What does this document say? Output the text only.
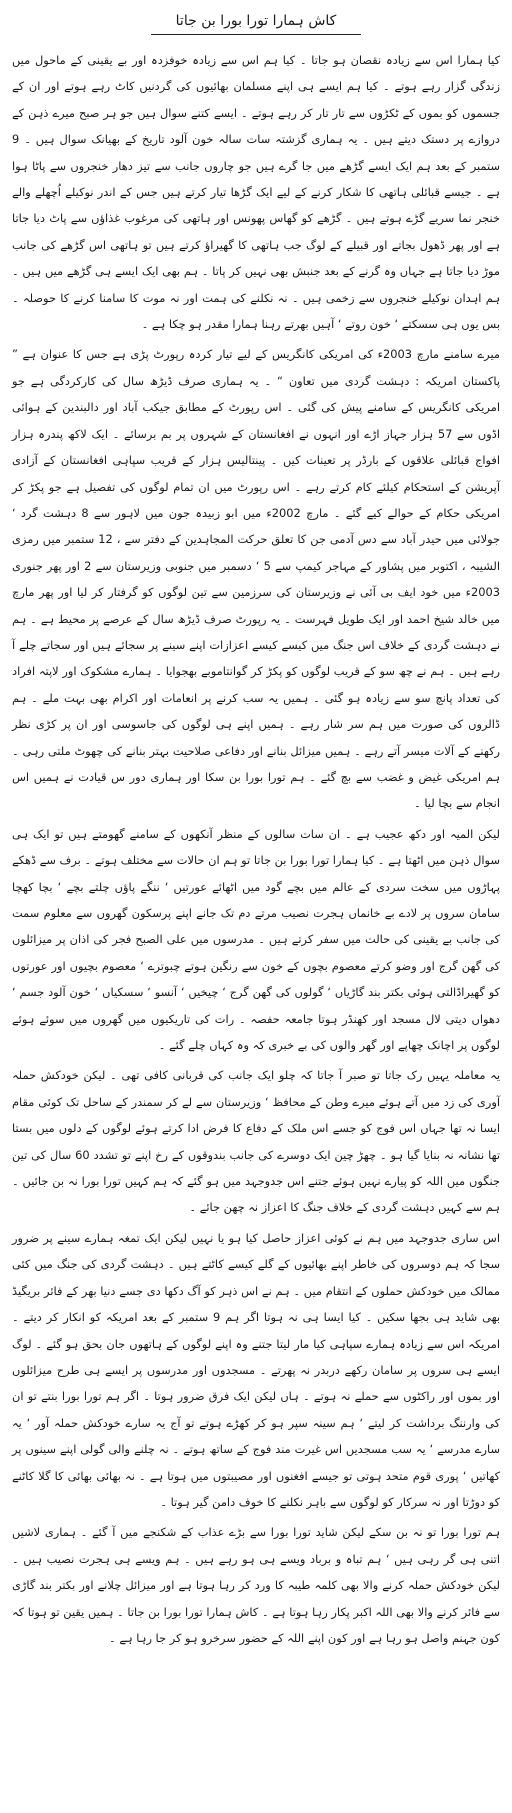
کاش ہمارا تورا بورا بن جاتا

کیا ہمارا اس سے زیادہ نقصان ہو جاتا ۔ کیا ہم اس سے زیادہ خوفزدہ اور بے یقینی کے ماحول میں زندگی گزار رہے ہوتے ۔ کیا ہم ایسے ہی اپنے مسلمان بھائیوں کی گردنیں کاٹ رہے ہوتے اور ان کے جسموں کو بموں کے ٹکڑوں سے تار تار کر رہے ہوتے ۔ ایسے کتنے سوال ہیں جو ہر صبح میرے ذہن کے دروازے پر دستک دیتے ہیں ۔ یہ ہماری گزشتہ سات سالہ خون آلود تاریخ کے بھیانک سوال ہیں ۔ 9 ستمبر کے بعد ہم ایک ایسے گڑھے میں جا گرے ہیں جو چاروں جانب سے تیز دھار خنجروں سے پاٹا ہوا ہے ۔ جیسے قبائلی ہاتھی کا شکار کرنے کے لیے ایک گڑھا تیار کرتے ہیں جس کے اندر نوکیلے اُچھلے والے خنجر نما سریے گڑے ہوتے ہیں ۔ گڑھے کو گھاس پھونس اور ہاتھی کی مرغوب غذاؤں سے پاٹ دیا جاتا ہے اور پھر ڈھول بجاتے اور قبیلے کے لوگ جب ہاتھی کا گھیراؤ کرتے ہیں تو ہاتھی اس گڑھے کی جانب موڑ دیا جاتا ہے جہاں وہ گرنے کے بعد جنبش بھی نہیں کر پاتا ۔ ہم بھی ایک ایسے ہی گڑھے میں ہیں ۔ ہم اہدان نوکیلے خنجروں سے زخمی ہیں ۔ نہ نکلنے کی ہمت اور نہ موت کا سامنا کرنے کا حوصلہ ۔ بس یوں ہی سسکتے ‘ خون روتے ‘ آہیں بھرتے رہنا ہمارا مقدر ہو چکا ہے ۔

میرے سامنے مارچ 2003ء کی امریکی کانگریس کے لیے تیار کردہ رپورٹ پڑی ہے جس کا عنوان ہے ” پاکستان امریکہ : دہشت گردی میں تعاون “ ۔ یہ ہماری صرف ڈیڑھ سال کی کارکردگی ہے جو امریکی کانگریس کے سامنے پیش کی گئی ۔ اس رپورٹ کے مطابق جیکب آباد اور دالبندین کے ہوائی اڈوں سے 57 ہزار جہاز اڑے اور انہوں نے افغانستان کے شہروں پر بم برسائے ۔ ایک لاکھ پندرہ ہزار افواج قبائلی علاقوں کے بارڈر پر تعینات کیں ۔ پینتالیس ہزار کے قریب سپاہی افغانستان کے آزادی آپریشن کے استحکام کیلئے کام کرتے رہے ۔ اس رپورٹ میں ان تمام لوگوں کی تفصیل ہے جو پکڑ کر امریکی حکام کے حوالے کیے گئے ۔ مارچ 2002ء میں ابو زبیدہ جون میں لاہور سے 8 دہشت گرد ‘ جولائی میں حیدر آباد سے دس آدمی جن کا تعلق حرکت المجاہدین کے دفتر سے ، 12 ستمبر میں رمزی الشیبہ ، اکتوبر میں پشاور کے مہاجر کیمپ سے 5 ‘ دسمبر میں جنوبی وزیرستان سے 2 اور پھر جنوری 2003ء میں خود ایف بی آئی نے وزیرستان کی سرزمین سے تین لوگوں کو گرفتار کر لیا اور پھر مارچ میں خالد شیخ احمد اور ایک طویل فہرست ۔ یہ رپورٹ صرف ڈیڑھ سال کے عرصے پر محیط ہے ۔ ہم نے دہشت گردی کے خلاف اس جنگ میں کیسے کیسے اعزازات اپنے سینے پر سجائے ہیں اور سجاتے چلے آ رہے ہیں ۔ ہم نے چھ سو کے قریب لوگوں کو پکڑ کر گوانتاموبے بھجوایا ۔ ہمارے مشکوک اور لاپتہ افراد کی تعداد پانچ سو سے زیادہ ہو گئی ۔ ہمیں یہ سب کرنے پر انعامات اور اکرام بھی بہت ملے ۔ ہم ڈالروں کی صورت میں ہم سر شار رہے ۔ ہمیں اپنے ہی لوگوں کی جاسوسی اور ان پر کڑی نظر رکھنے کے آلات میسر آتے رہے ۔ ہمیں میزائل بنانے اور دفاعی صلاحیت بہتر بنانے کی چھوٹ ملتی رہی ۔ ہم امریکی غیض و غضب سے بچ گئے ۔ ہم تورا بورا بن سکا اور ہماری دور س قیادت نے ہمیں اس انجام سے بچا لیا ۔

لیکن المیہ اور دکھ عجیب ہے ۔ ان سات سالوں کے منظر آنکھوں کے سامنے گھومتے ہیں تو ایک ہی سوال ذہن میں اٹھتا ہے ۔ کیا ہمارا تورا بورا بن جاتا تو ہم ان حالات سے مختلف ہوتے ۔ برف سے ڈھکے پہاڑوں میں سخت سردی کے عالم میں بچے گود میں اٹھائے عورتیں ‘ ننگے پاؤں چلتے بچے ‘ بچا کھچا سامان سروں پر لادے بے خانماں ہجرت نصیب مرتے دم تک جانے اپنے پرسکون گھروں سے معلوم سمت کی جانب بے یقینی کی حالت میں سفر کرتے ہیں ۔ مدرسوں میں علی الصبح فجر کی اذان پر میزائلوں کی گھن گرج اور وضو کرتے معصوم بچوں کے خون سے رنگین ہوتے چبوترے ‘ معصوم بچیوں اور عورتوں کو گھیراڈالتی ہوئی بکتر بند گاڑیاں ‘ گولوں کی گھن گرج ‘ چیخیں ‘ آنسو ‘ سسکیاں ‘ خون آلود جسم ‘ دھواں دیتی لال مسجد اور کھنڈر ہوتا جامعہ حفصہ ۔ رات کی تاریکیوں میں گھروں میں سوئے ہوئے لوگوں پر اچانک چھاپے اور گھر والوں کی بے خبری کہ وہ کہاں چلے گئے ۔

یہ معاملہ یہیں رک جاتا تو صبر آ جاتا کہ چلو ایک جانب کی قربانی کافی تھی ۔ لیکن خودکش حملہ آوری کی زد میں آتے ہوئے میرے وطن کے محافظ ‘ وزیرستان سے لے کر سمندر کے ساحل تک کوئی مقام ایسا نہ تھا جہاں اس فوج کو جسے اس ملک کے دفاع کا فرض ادا کرتے ہوئے لوگوں کے دلوں میں بستا تھا نشانہ نہ بنایا گیا ہو ۔ چھڑ چین ایک دوسرے کی جانب بندوقوں کے رخ اپنے تو تشدد 60 سال کی تین جنگوں میں اللہ کو پیارے نہیں ہوئے جتنے اس جدوجہد میں ہو گئے کہ ہم کہیں تورا بورا نہ بن جائیں ۔ ہم سے کہیں دہشت گردی کے خلاف جنگ کا اعزاز نہ چھن جائے ۔

اس ساری جدوجہد میں ہم نے کوئی اعزاز حاصل کیا ہو یا نہیں لیکن ایک تمغہ ہمارے سینے پر ضرور سجا کہ ہم دوسروں کی خاطر اپنے بھائیوں کے گلے کیسے کاٹتے ہیں ۔ دہشت گردی کی جنگ میں کئی ممالک میں خودکش حملوں کے انتقام میں ۔ ہم نے اس ذہر کو آگ دکھا دی جسے دنیا بھر کے فائر بریگیڈ بھی شاید ہی بجھا سکیں ۔ کیا ایسا ہی نہ ہوتا اگر ہم 9 ستمبر کے بعد امریکہ کو انکار کر دیتے ۔ امریکہ اس سے زیادہ ہمارے سپاہی کیا مار لیتا جتنے وہ اپنے لوگوں کے ہاتھوں جان بحق ہو گئے ۔ لوگ ایسے ہی سروں پر سامان رکھے دربدر نہ پھرتے ۔ مسجدوں اور مدرسوں پر ایسے ہی طرح میزائلوں اور بموں اور راکٹوں سے حملے نہ ہوتے ۔ ہاں لیکن ایک فرق ضرور ہوتا ۔ اگر ہم تورا بورا بنتے تو ان کی وارننگ برداشت کر لیتے ‘ ہم سینہ سپر ہو کر کھڑے ہوتے تو آج یہ سارے خودکش حملہ آور ‘ یہ سارے مدرسے ‘ یہ سب مسجدیں اس غیرت مند فوج کے ساتھ ہوتے ۔ نہ چلنے والی گولی اپنے سینوں پر کھاتیں ‘ پوری قوم متحد ہوتی تو جیسے افغنوں اور مصیبتوں میں ہوتا ہے ۔ نہ بھائی بھائی کا گلا کاٹنے کو دوڑتا اور نہ سرکار کو لوگوں سے باہر نکلنے کا خوف دامن گیر ہوتا ۔

ہم تورا بورا تو نہ بن سکے لیکن شاید تورا بورا سے بڑے عذاب کے شکنجے میں آ گئے ۔ ہماری لاشیں اتنی ہی گر رہی ہیں ‘ ہم تباہ و برباد ویسے ہی ہو رہے ہیں ۔ ہم ویسے ہی ہجرت نصیب ہیں ۔ لیکن خودکش حملہ کرنے والا بھی کلمہ طیبہ کا ورد کر رہا ہوتا ہے اور میزائل چلانے اور بکتر بند گاڑی سے فائر کرنے والا بھی اللہ اکبر پکار رہا ہوتا ہے ۔ کاش ہمارا تورا بورا بن جاتا ۔ ہمیں یقین تو ہوتا کہ کون جہنم واصل ہو رہا ہے اور کون اپنے اللہ کے حضور سرخرو ہو کر جا رہا ہے ۔
